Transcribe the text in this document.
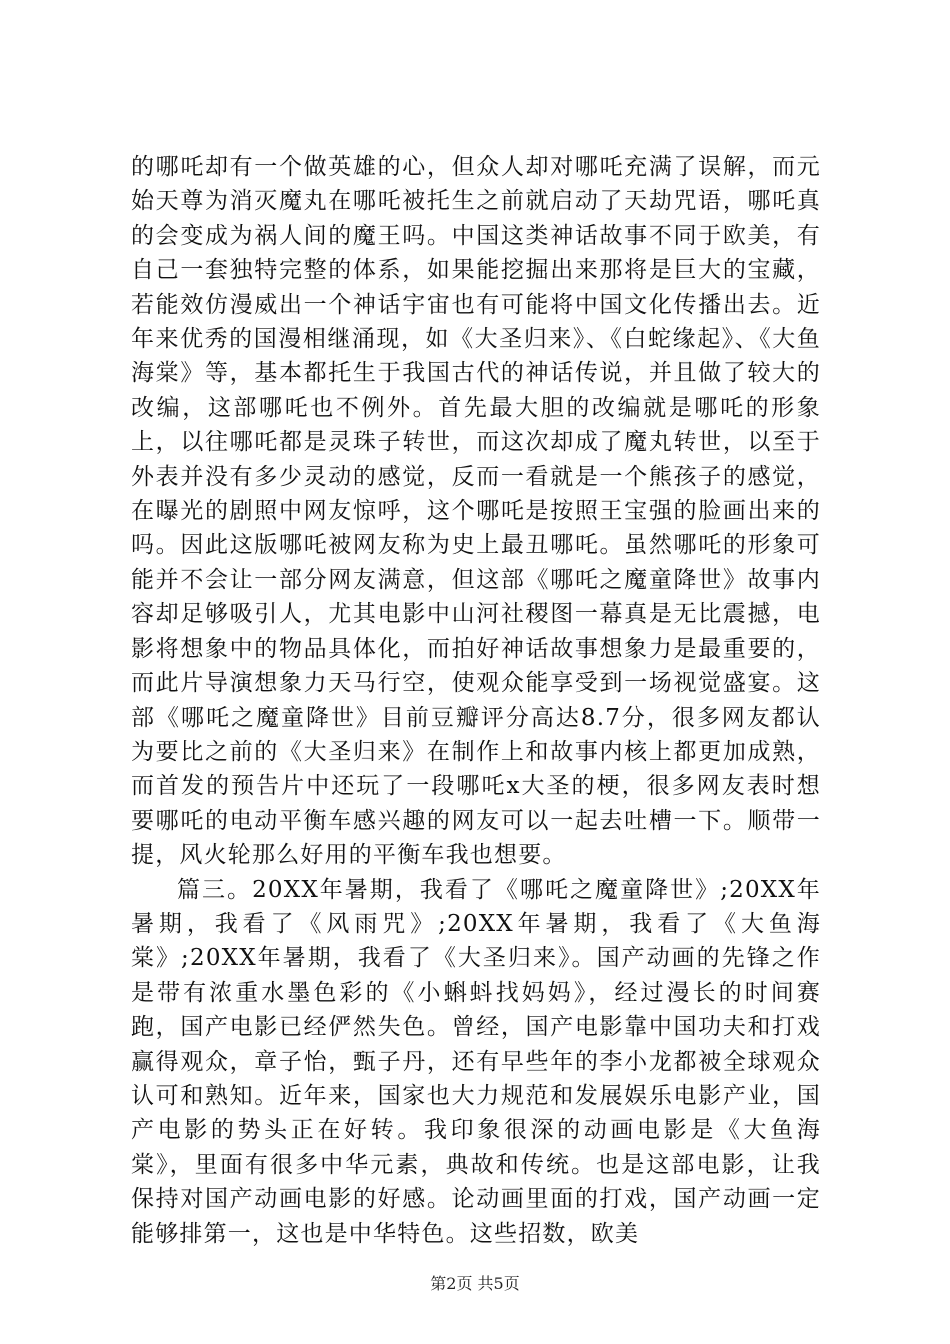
的哪吒却有一个做英雄的心，但众人却对哪吒充满了误解，而元始天尊为消灭魔丸在哪吒被托生之前就启动了天劫咒语，哪吒真的会变成为祸人间的魔王吗。中国这类神话故事不同于欧美，有自己一套独特完整的体系，如果能挖掘出来那将是巨大的宝藏，若能效仿漫威出一个神话宇宙也有可能将中国文化传播出去。近年来优秀的国漫相继涌现，如《大圣归来》、《白蛇缘起》、《大鱼海棠》等，基本都托生于我国古代的神话传说，并且做了较大的改编，这部哪吒也不例外。首先最大胆的改编就是哪吒的形象上，以往哪吒都是灵珠子转世，而这次却成了魔丸转世，以至于外表并没有多少灵动的感觉，反而一看就是一个熊孩子的感觉，在曝光的剧照中网友惊呼，这个哪吒是按照王宝强的脸画出来的吗。因此这版哪吒被网友称为史上最丑哪吒。虽然哪吒的形象可能并不会让一部分网友满意，但这部《哪吒之魔童降世》故事内容却足够吸引人，尤其电影中山河社稷图一幕真是无比震撼，电影将想象中的物品具体化，而拍好神话故事想象力是最重要的，而此片导演想象力天马行空，使观众能享受到一场视觉盛宴。这部《哪吒之魔童降世》目前豆瓣评分高达8.7分，很多网友都认为要比之前的《大圣归来》在制作上和故事内核上都更加成熟，而首发的预告片中还玩了一段哪吒x大圣的梗，很多网友表时想要哪吒的电动平衡车感兴趣的网友可以一起去吐槽一下。顺带一提，风火轮那么好用的平衡车我也想要。

篇三。20XX年暑期，我看了《哪吒之魔童降世》;20XX年暑期，我看了《风雨咒》;20XX年暑期，我看了《大鱼海棠》;20XX年暑期，我看了《大圣归来》。国产动画的先锋之作是带有浓重水墨色彩的《小蝌蚪找妈妈》，经过漫长的时间赛跑，国产电影已经俨然失色。曾经，国产电影靠中国功夫和打戏赢得观众，章子怡，甄子丹，还有早些年的李小龙都被全球观众认可和熟知。近年来，国家也大力规范和发展娱乐电影产业，国产电影的势头正在好转。我印象很深的动画电影是《大鱼海棠》，里面有很多中华元素，典故和传统。也是这部电影，让我保持对国产动画电影的好感。论动画里面的打戏，国产动画一定能够排第一，这也是中华特色。这些招数，欧美

第2页 共5页
